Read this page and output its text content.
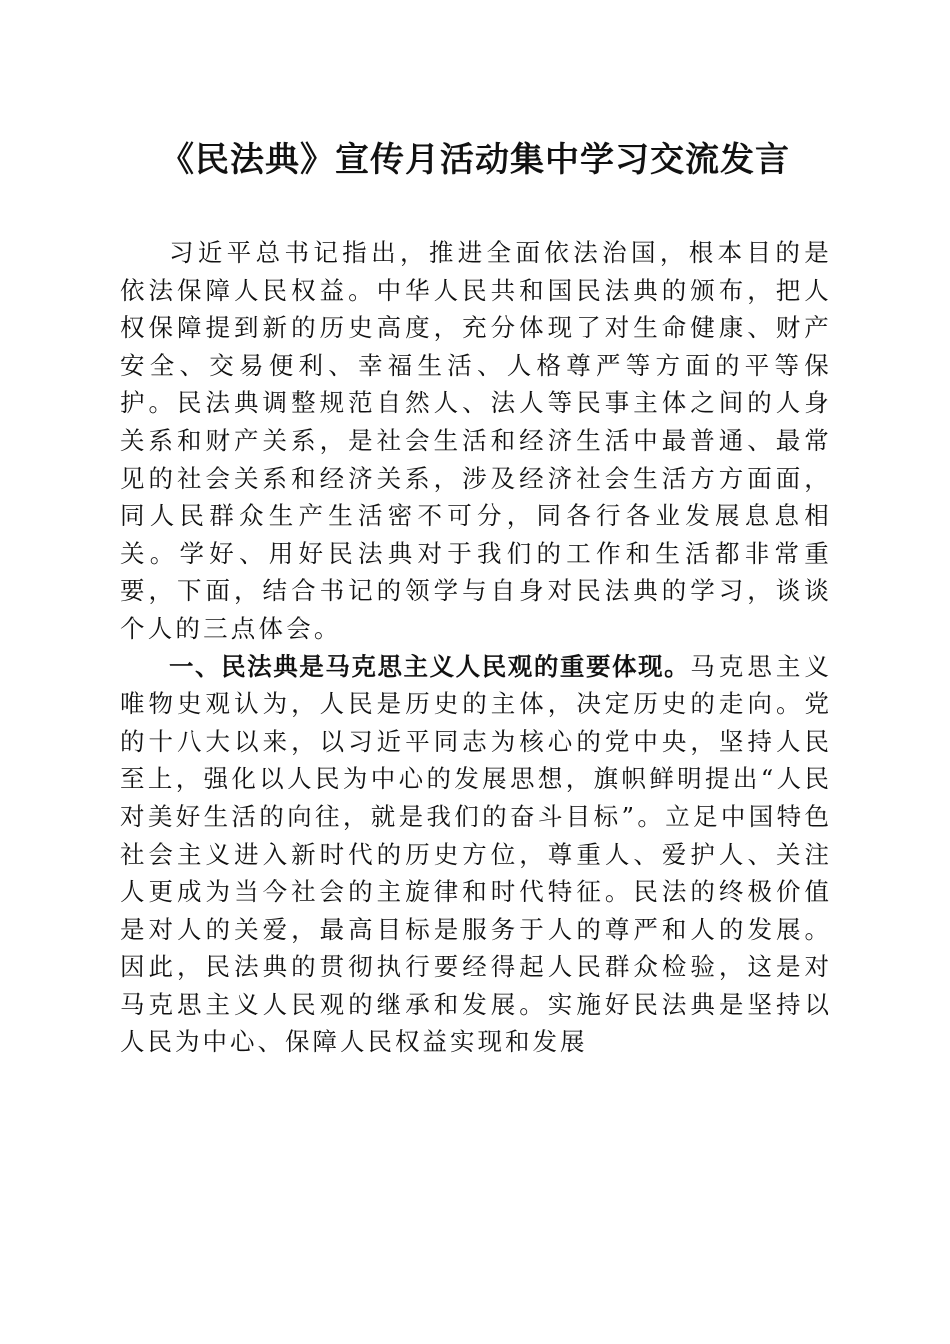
《民法典》宣传月活动集中学习交流发言

习近平总书记指出，推进全面依法治国，根本目的是依法保障人民权益。中华人民共和国民法典的颁布，把人权保障提到新的历史高度，充分体现了对生命健康、财产安全、交易便利、幸福生活、人格尊严等方面的平等保护。民法典调整规范自然人、法人等民事主体之间的人身关系和财产关系，是社会生活和经济生活中最普通、最常见的社会关系和经济关系，涉及经济社会生活方方面面，同人民群众生产生活密不可分，同各行各业发展息息相关。学好、用好民法典对于我们的工作和生活都非常重要，下面，结合书记的领学与自身对民法典的学习，谈谈个人的三点体会。

一、民法典是马克思主义人民观的重要体现。马克思主义唯物史观认为，人民是历史的主体，决定历史的走向。党的十八大以来，以习近平同志为核心的党中央，坚持人民至上，强化以人民为中心的发展思想，旗帜鲜明提出“人民对美好生活的向往，就是我们的奋斗目标”。立足中国特色社会主义进入新时代的历史方位，尊重人、爱护人、关注人更成为当今社会的主旋律和时代特征。民法的终极价值是对人的关爱，最高目标是服务于人的尊严和人的发展。因此，民法典的贯彻执行要经得起人民群众检验，这是对马克思主义人民观的继承和发展。实施好民法典是坚持以人民为中心、保障人民权益实现和发展
